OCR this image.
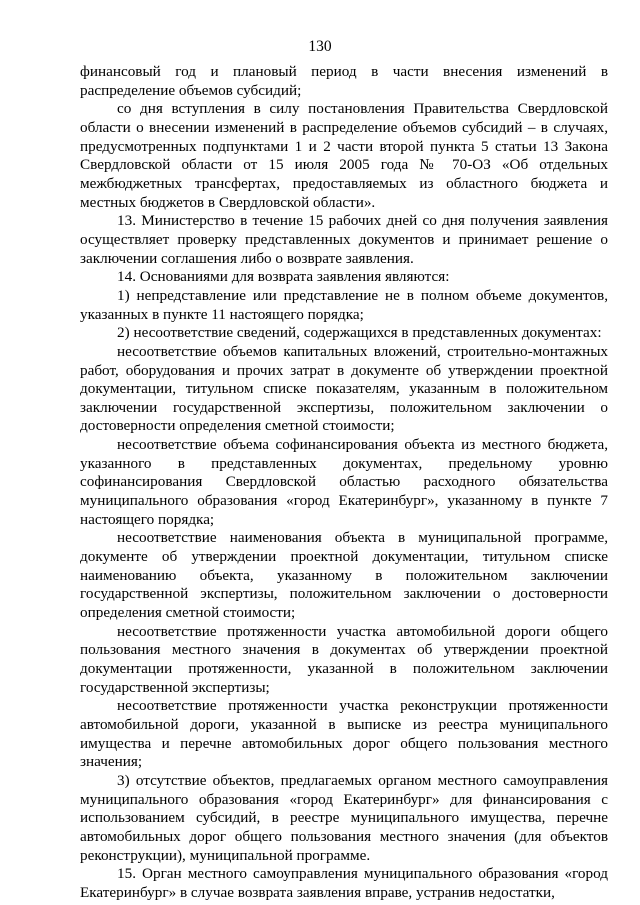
130

финансовый год и плановый период в части внесения изменений в распределение объемов субсидий;

со дня вступления в силу постановления Правительства Свердловской области о внесении изменений в распределение объемов субсидий – в случаях, предусмотренных подпунктами 1 и 2 части второй пункта 5 статьи 13 Закона Свердловской области от 15 июля 2005 года № 70-ОЗ «Об отдельных межбюджетных трансфертах, предоставляемых из областного бюджета и местных бюджетов в Свердловской области».

13. Министерство в течение 15 рабочих дней со дня получения заявления осуществляет проверку представленных документов и принимает решение о заключении соглашения либо о возврате заявления.

14. Основаниями для возврата заявления являются:

1) непредставление или представление не в полном объеме документов, указанных в пункте 11 настоящего порядка;

2) несоответствие сведений, содержащихся в представленных документах:

несоответствие объемов капитальных вложений, строительно-монтажных работ, оборудования и прочих затрат в документе об утверждении проектной документации, титульном списке показателям, указанным в положительном заключении государственной экспертизы, положительном заключении о достоверности определения сметной стоимости;

несоответствие объема софинансирования объекта из местного бюджета, указанного в представленных документах, предельному уровню софинансирования Свердловской областью расходного обязательства муниципального образования «город Екатеринбург», указанному в пункте 7 настоящего порядка;

несоответствие наименования объекта в муниципальной программе, документе об утверждении проектной документации, титульном списке наименованию объекта, указанному в положительном заключении государственной экспертизы, положительном заключении о достоверности определения сметной стоимости;

несоответствие протяженности участка автомобильной дороги общего пользования местного значения в документах об утверждении проектной документации протяженности, указанной в положительном заключении государственной экспертизы;

несоответствие протяженности участка реконструкции протяженности автомобильной дороги, указанной в выписке из реестра муниципального имущества и перечне автомобильных дорог общего пользования местного значения;

3) отсутствие объектов, предлагаемых органом местного самоуправления муниципального образования «город Екатеринбург» для финансирования с использованием субсидий, в реестре муниципального имущества, перечне автомобильных дорог общего пользования местного значения (для объектов реконструкции), муниципальной программе.

15. Орган местного самоуправления муниципального образования «город Екатеринбург» в случае возврата заявления вправе, устранив недостатки,
